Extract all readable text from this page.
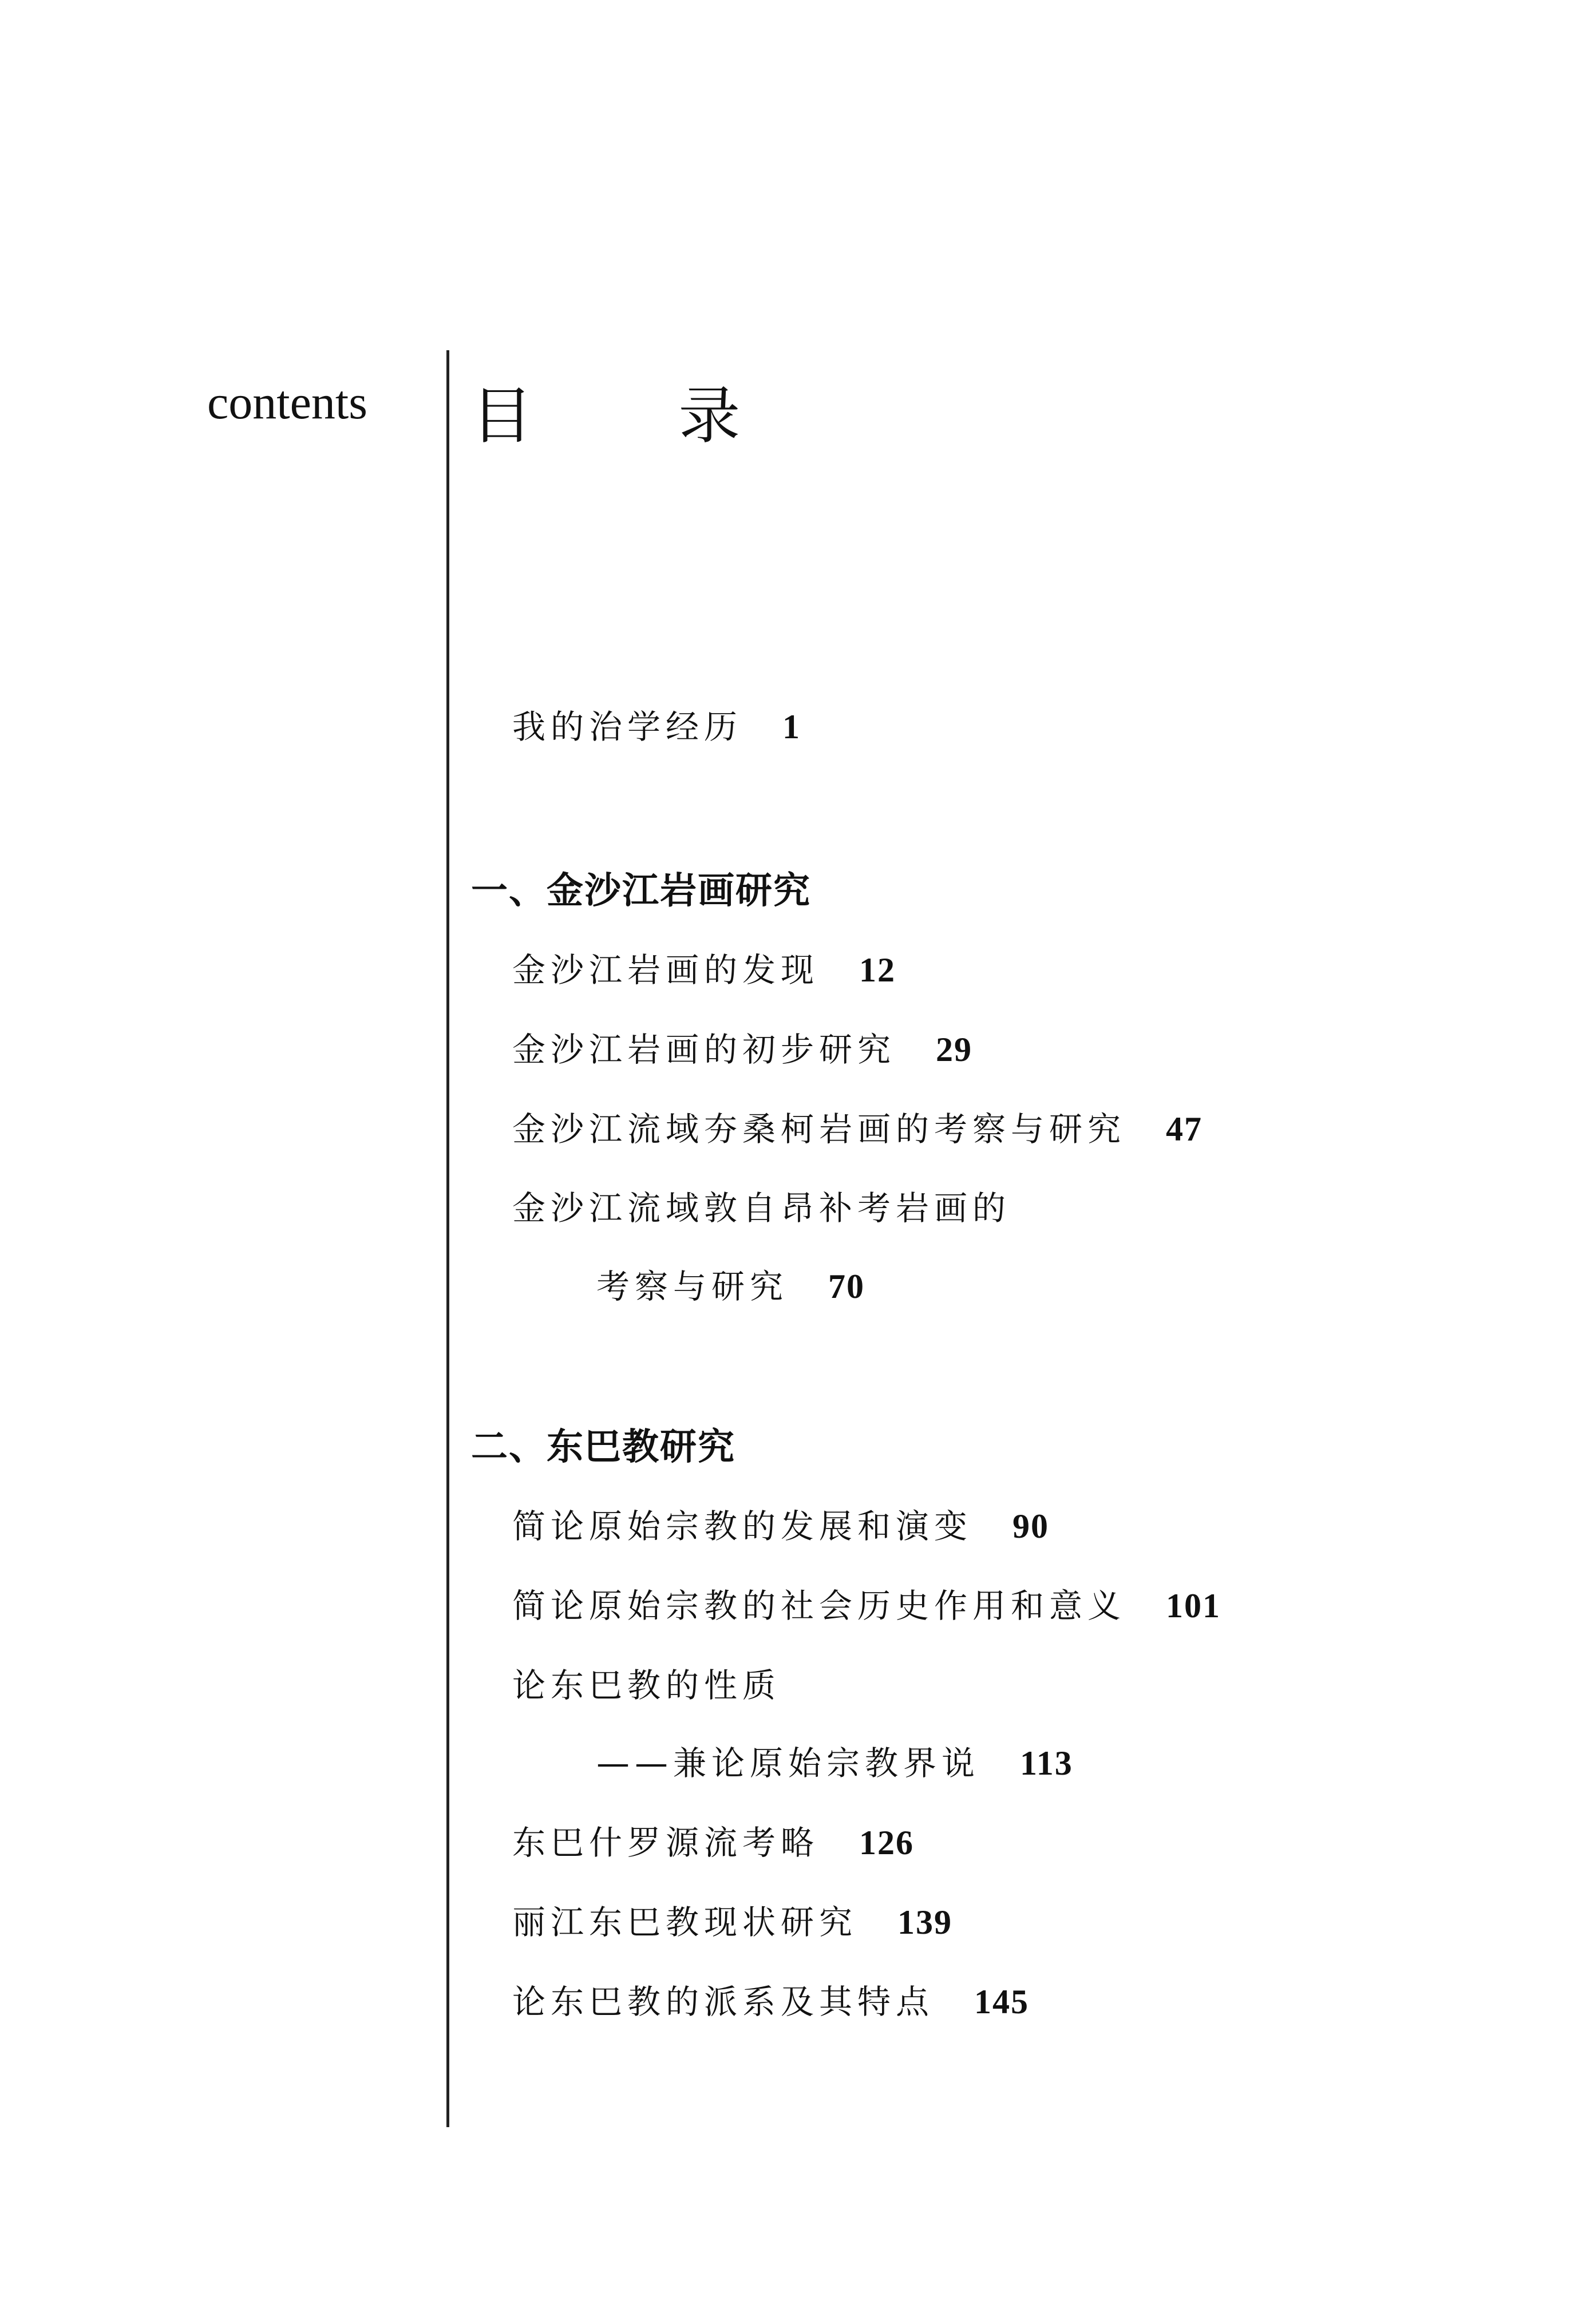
contents 目 录
我的治学经历 1
一、金沙江岩画研究
金沙江岩画的发现 12
金沙江岩画的初步研究 29
金沙江流域夯桑柯岩画的考察与研究 47
金沙江流域敦自昂补考岩画的
考察与研究 70
二、东巴教研究
简论原始宗教的发展和演变 90
简论原始宗教的社会历史作用和意义 101
论东巴教的性质
——兼论原始宗教界说 113
东巴什罗源流考略 126
丽江东巴教现状研究 139
论东巴教的派系及其特点 145
